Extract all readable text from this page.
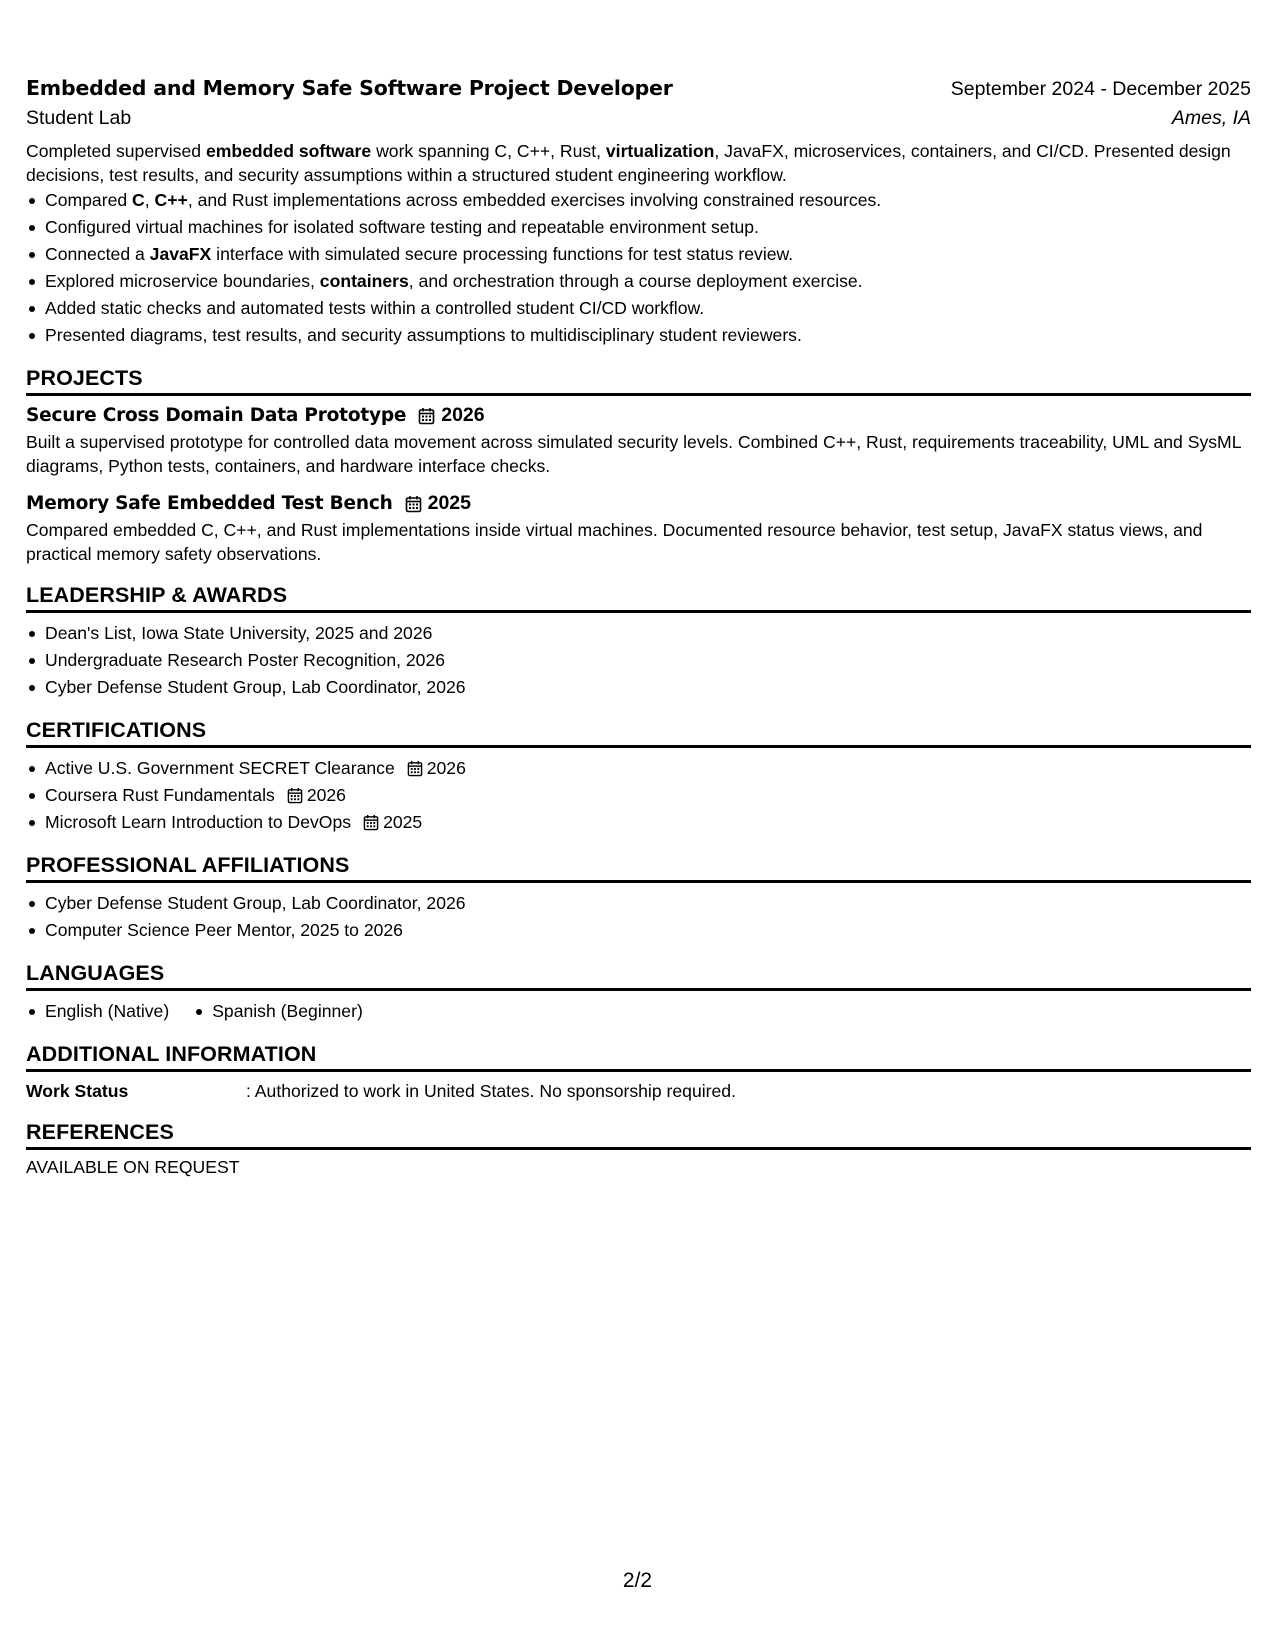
Embedded and Memory Safe Software Project Developer	September 2024 - December 2025
Student Lab	Ames, IA

Completed supervised embedded software work spanning C, C++, Rust, virtualization, JavaFX, microservices, containers, and CI/CD. Presented design decisions, test results, and security assumptions within a structured student engineering workflow.

Compared C, C++, and Rust implementations across embedded exercises involving constrained resources.
Configured virtual machines for isolated software testing and repeatable environment setup.
Connected a JavaFX interface with simulated secure processing functions for test status review.
Explored microservice boundaries, containers, and orchestration through a course deployment exercise.
Added static checks and automated tests within a controlled student CI/CD workflow.
Presented diagrams, test results, and security assumptions to multidisciplinary student reviewers.
PROJECTS
Secure Cross Domain Data Prototype 2026

Built a supervised prototype for controlled data movement across simulated security levels. Combined C++, Rust, requirements traceability, UML and SysML diagrams, Python tests, containers, and hardware interface checks.

Memory Safe Embedded Test Bench 2025

Compared embedded C, C++, and Rust implementations inside virtual machines. Documented resource behavior, test setup, JavaFX status views, and practical memory safety observations.

LEADERSHIP & AWARDS
Dean's List, Iowa State University, 2025 and 2026
Undergraduate Research Poster Recognition, 2026
Cyber Defense Student Group, Lab Coordinator, 2026
CERTIFICATIONS
Active U.S. Government SECRET Clearance 2026
Coursera Rust Fundamentals 2026
Microsoft Learn Introduction to DevOps 2025
PROFESSIONAL AFFILIATIONS
Cyber Defense Student Group, Lab Coordinator, 2026
Computer Science Peer Mentor, 2025 to 2026
LANGUAGES
English (Native)	Spanish (Beginner)
ADDITIONAL INFORMATION
Work Status	: Authorized to work in United States. No sponsorship required.
REFERENCES
AVAILABLE ON REQUEST
2/2
